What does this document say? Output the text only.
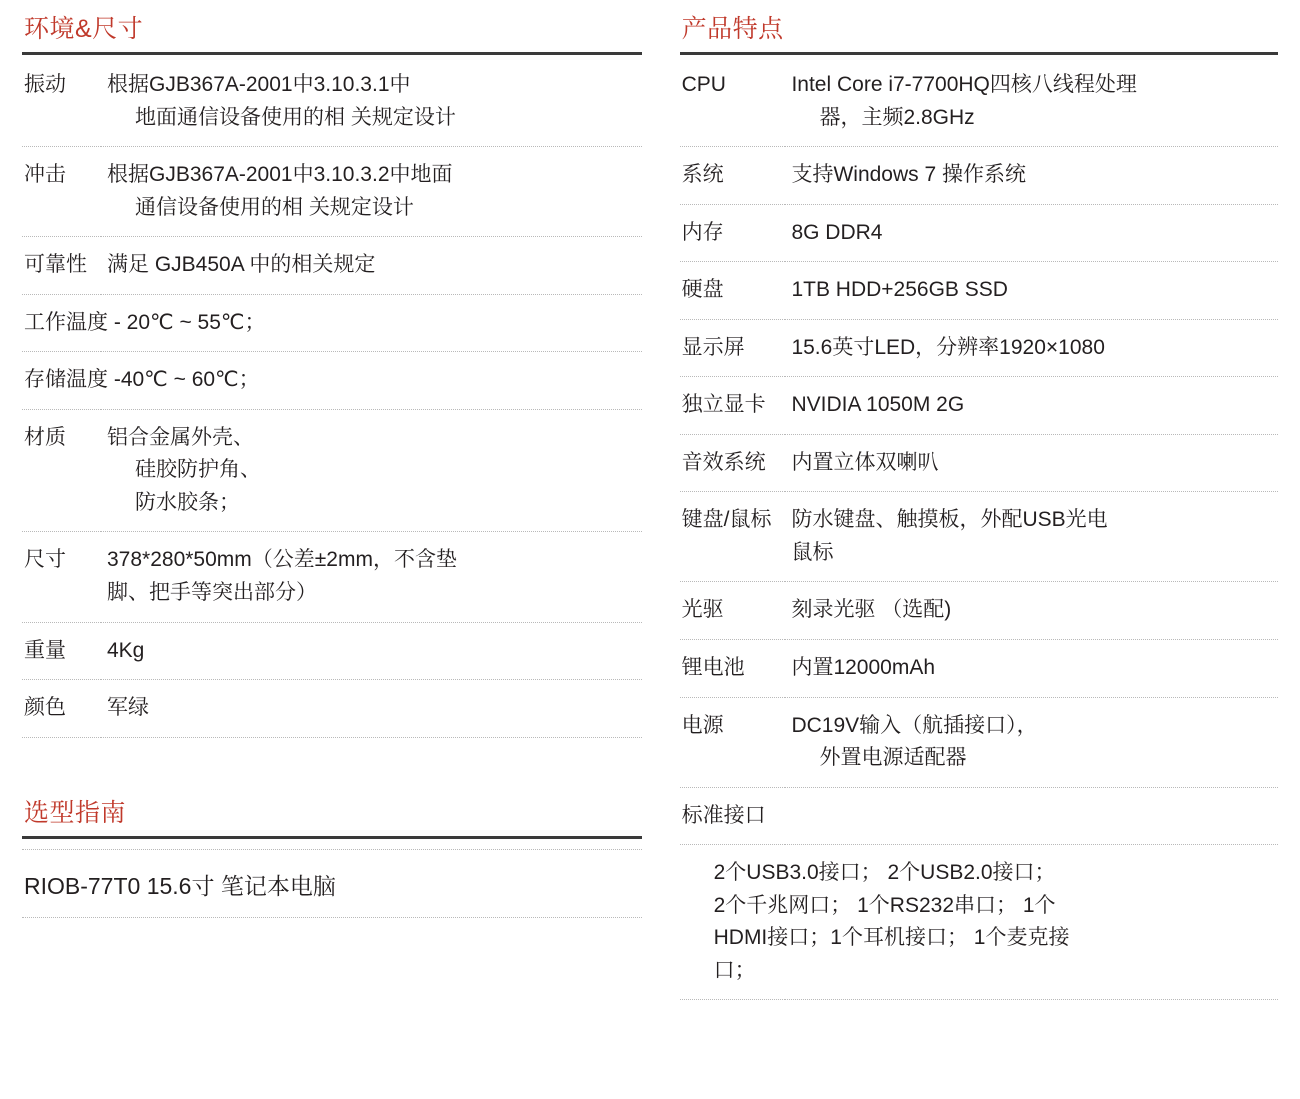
环境&尺寸
振动	根据GJB367A-2001中3.10.3.1中
地面通信设备使用的相 关规定设计

冲击	根据GJB367A-2001中3.10.3.2中地面
通信设备使用的相 关规定设计

可靠性	满足 GJB450A 中的相关规定

工作温度 - 20℃ ~ 55℃；	
存储温度 -40℃ ~ 60℃；	
材质	铝合金属外壳、
硅胶防护角、
防水胶条；

尺寸	378*280*50mm（公差±2mm，不含垫
脚、把手等突出部分）

重量	4Kg

颜色	军绿
选型指南
RIOB-77T0 15.6寸 笔记本电脑
产品特点
CPU	Intel Core i7-7700HQ四核八线程处理
器，主频2.8GHz

系统	支持Windows 7 操作系统

内存	8G DDR4

硬盘	1TB HDD+256GB SSD

显示屏	15.6英寸LED，分辨率1920×1080

独立显卡	NVIDIA 1050M 2G

音效系统	内置立体双喇叭

键盘/鼠标	防水键盘、触摸板，外配USB光电
鼠标

光驱	刻录光驱 （选配)

锂电池	内置12000mAh

电源	DC19V输入（航插接口），
外置电源适配器

标准接口	

2个USB3.0接口； 2个USB2.0接口；
2个千兆网口； 1个RS232串口； 1个
HDMI接口；1个耳机接口； 1个麦克接
口；	
